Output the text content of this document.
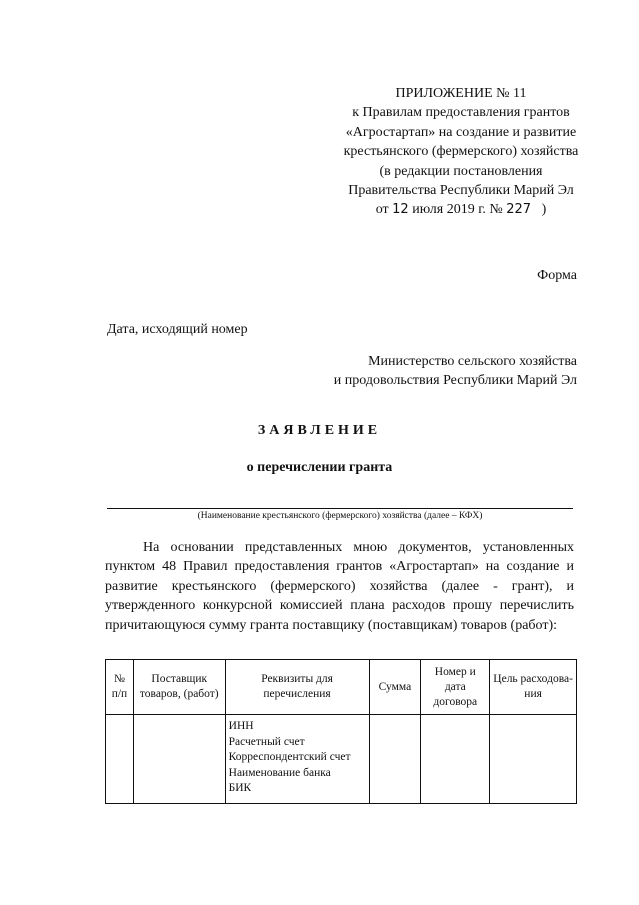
ПРИЛОЖЕНИЕ № 11
к Правилам предоставления грантов
«Агростартап» на создание и развитие
крестьянского (фермерского) хозяйства
(в редакции постановления
Правительства Республики Марий Эл
от 12 июля 2019 г. № 227 )
Форма
Дата, исходящий номер
Министерство сельского хозяйства
и продовольствия Республики Марий Эл
ЗАЯВЛЕНИЕ
о перечислении гранта
(Наименование крестьянского (фермерского) хозяйства (далее – КФХ)
На основании представленных мною документов, установленных пунктом 48 Правил предоставления грантов «Агростартап» на создание и развитие крестьянского (фермерского) хозяйства (далее - грант), и утвержденного конкурсной комиссией плана расходов прошу перечислить причитающуюся сумму гранта поставщику (поставщикам) товаров (работ):
№ п/п	Поставщик товаров, (работ)	Реквизиты для перечисления	Сумма	Номер и дата договора	Цель расходова-ния

		ИНН
Расчетный счет
Корреспондентский счет
Наименование банка
БИК			
